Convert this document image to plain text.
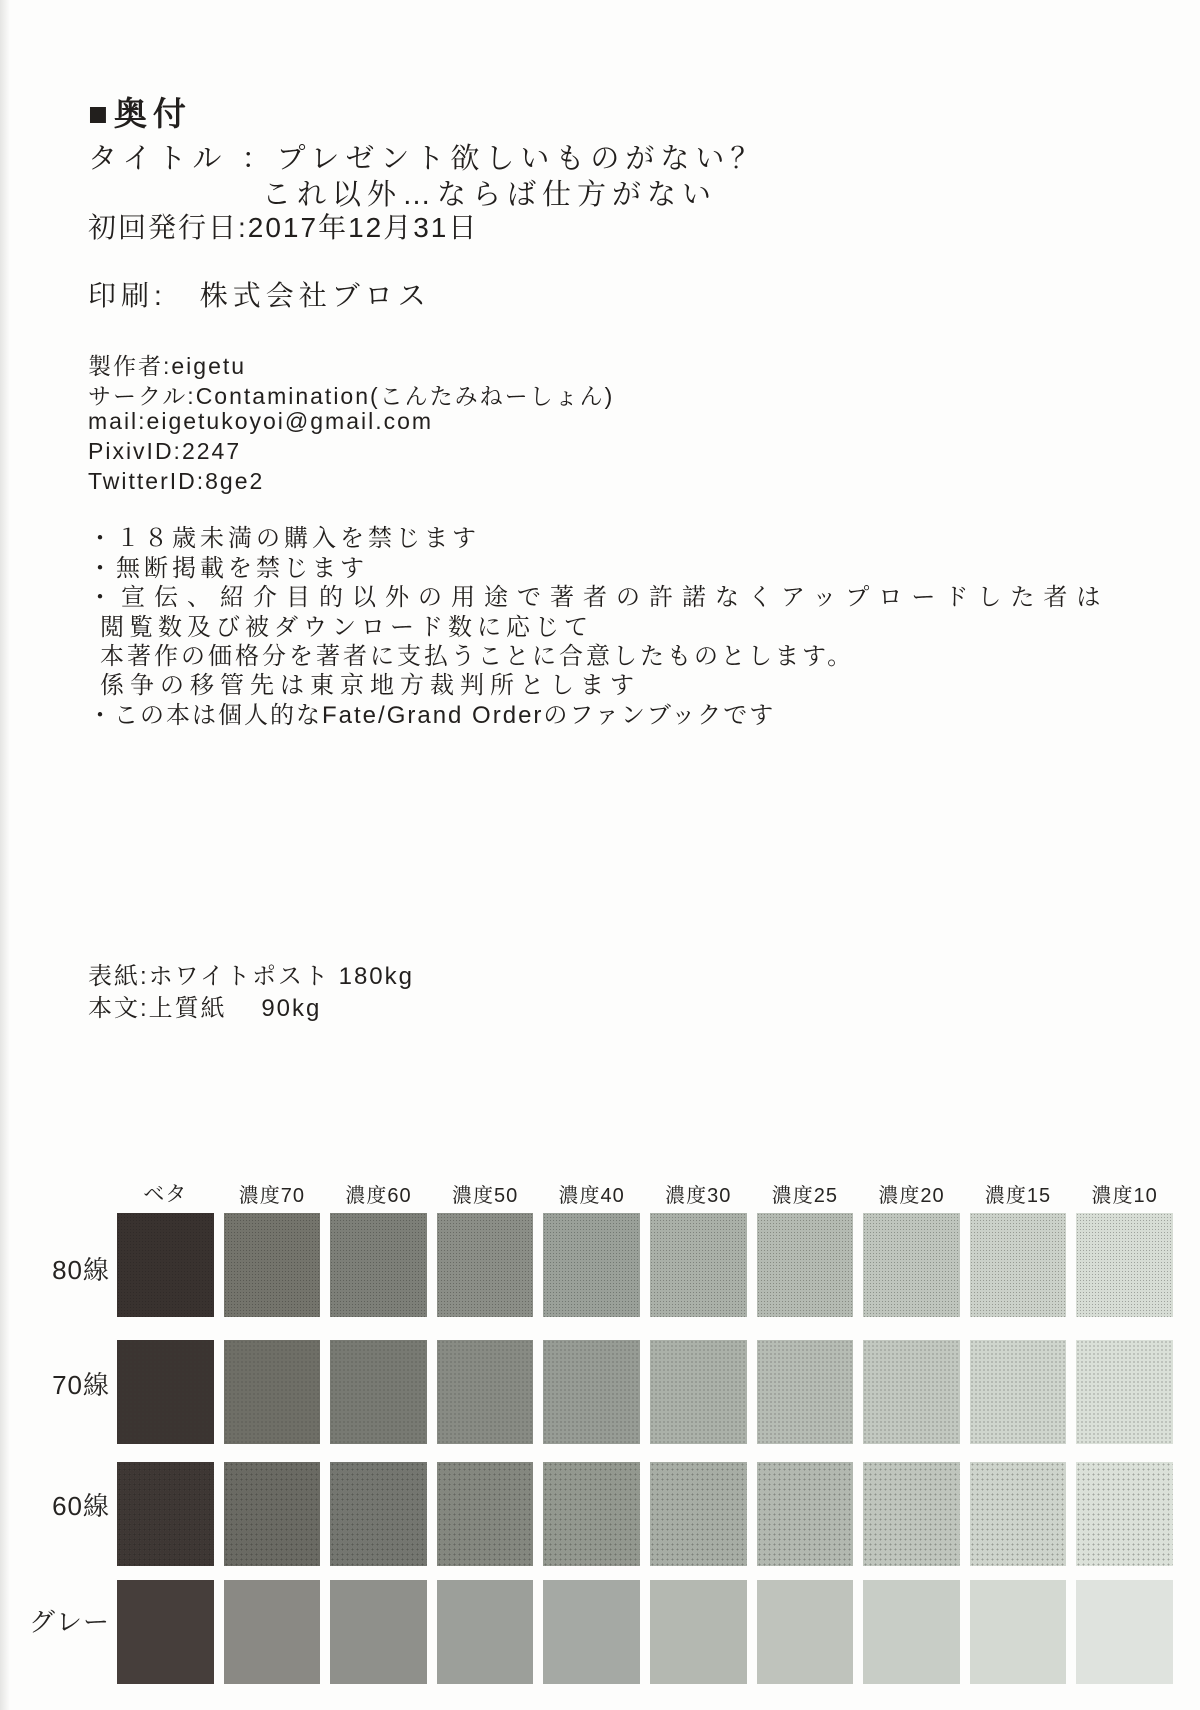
■奥付
タイトル ：プレゼント欲しいものがない？
これ以外…ならば仕方がない
初回発行日:2017年12月31日
印刷:　株式会社ブロス
製作者:eigetu
サークル:Contamination(こんたみねーしょん)
mail:eigetukoyoi@gmail.com
PixivID:2247
TwitterID:8ge2
・１８歳未満の購入を禁じます
・無断掲載を禁じます
・宣伝、紹介目的以外の用途で著者の許諾なくアップロードした者は
閲覧数及び被ダウンロード数に応じて
本著作の価格分を著者に支払うことに合意したものとします。
係争の移管先は東京地方裁判所とします
・この本は個人的なFate/Grand Orderのファンブックです
表紙:ホワイトポスト 180kg
本文:上質紙　 90kg
ベタ	濃度70	濃度60	濃度50	濃度40	濃度30	濃度25	濃度20	濃度15	濃度10
80線
70線
60線
グレー
